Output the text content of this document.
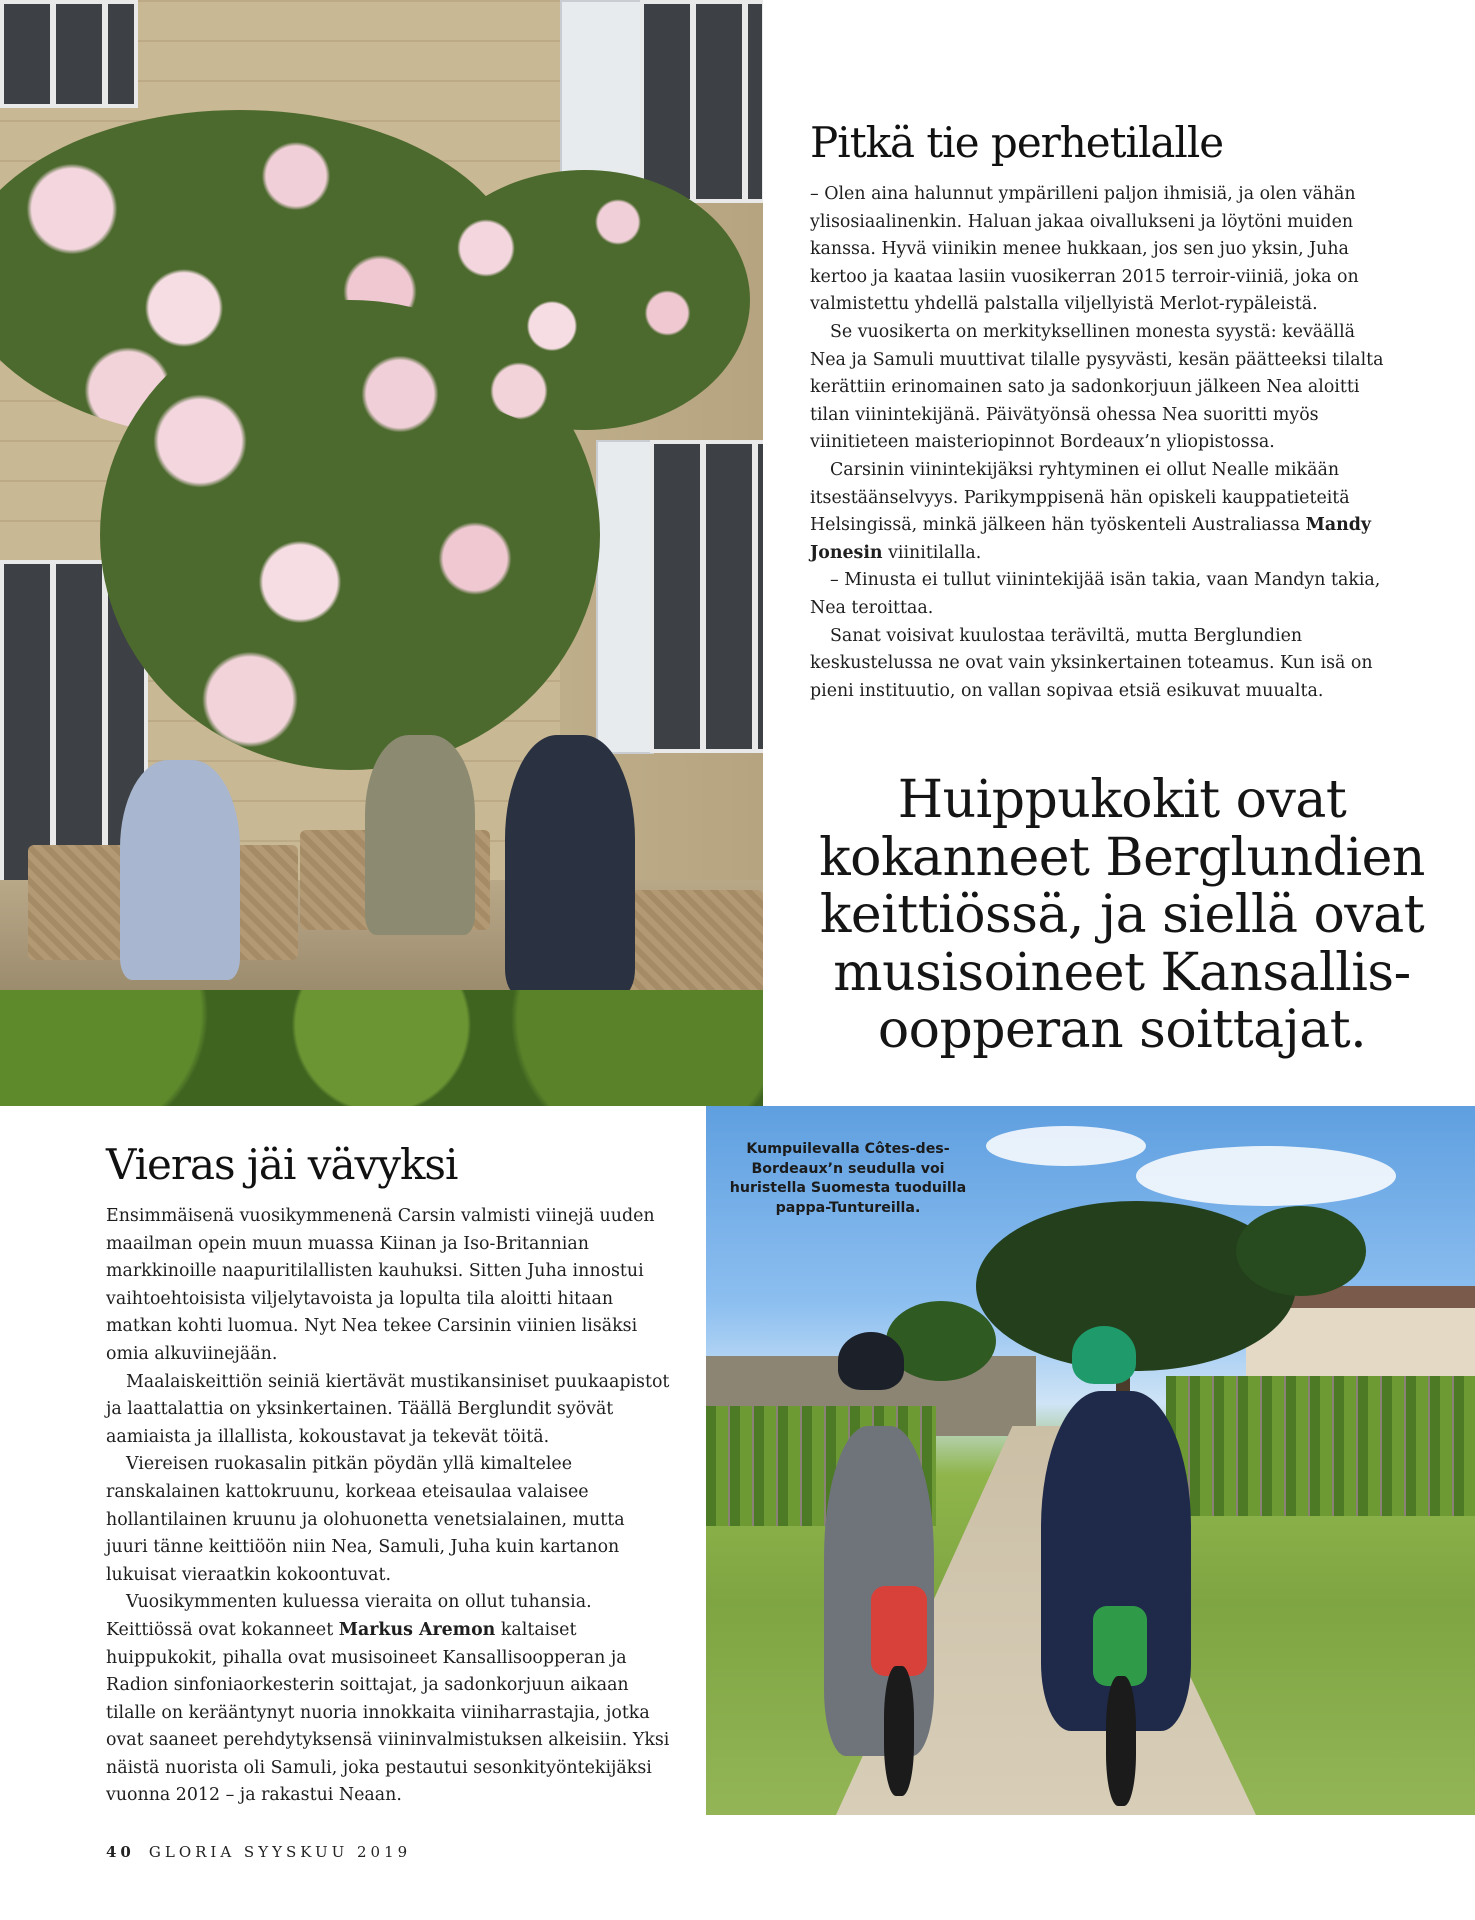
Pitkä tie perhetilalle

– Olen aina halunnut ympärilleni paljon ihmisiä, ja olen vähän ylisosiaalinenkin. Haluan jakaa oivallukseni ja löytöni muiden kanssa. Hyvä viinikin menee hukkaan, jos sen juo yksin, Juha kertoo ja kaataa lasiin vuosikerran 2015 terroir-viiniä, joka on valmistettu yhdellä palstalla viljellyistä Merlot-rypäleistä.

Se vuosikerta on merkityksellinen monesta syystä: keväällä Nea ja Samuli muuttivat tilalle pysyvästi, kesän päätteeksi tilalta kerättiin erinomainen sato ja sadonkorjuun jälkeen Nea aloitti tilan viinintekijänä. Päivätyönsä ohessa Nea suoritti myös viinitieteen maisteriopinnot Bordeaux’n yliopistossa.

Carsinin viinintekijäksi ryhtyminen ei ollut Nealle mikään itsestäänselvyys. Parikymppisenä hän opiskeli kauppatieteitä Helsingissä, minkä jälkeen hän työskenteli Australiassa Mandy Jonesin viinitilalla.

– Minusta ei tullut viinintekijää isän takia, vaan Mandyn takia, Nea teroittaa.

Sanat voisivat kuulostaa teräviltä, mutta Berglundien keskustelussa ne ovat vain yksinkertainen toteamus. Kun isä on pieni instituutio, on vallan sopivaa etsiä esikuvat muualta.

Huippukokit ovat kokanneet Berglundien keittiössä, ja siellä ovat musisoineet Kansallis-oopperan soittajat.
Vieras jäi vävyksi

Ensimmäisenä vuosikymmenenä Carsin valmisti viinejä uuden maailman opein muun muassa Kiinan ja Iso-Britannian markkinoille naapuritilallisten kauhuksi. Sitten Juha innostui vaihtoehtoisista viljelytavoista ja lopulta tila aloitti hitaan matkan kohti luomua. Nyt Nea tekee Carsinin viinien lisäksi omia alkuviinejään.

Maalaiskeittiön seiniä kiertävät mustikansiniset puukaapistot ja laattalattia on yksinkertainen. Täällä Berglundit syövät aamiaista ja illallista, kokoustavat ja tekevät töitä.

Viereisen ruokasalin pitkän pöydän yllä kimaltelee ranskalainen kattokruunu, korkeaa eteisaulaa valaisee hollantilainen kruunu ja olohuonetta venetsialainen, mutta juuri tänne keittiöön niin Nea, Samuli, Juha kuin kartanon lukuisat vieraatkin kokoontuvat.

Vuosikymmenten kuluessa vieraita on ollut tuhansia. Keittiössä ovat kokanneet Markus Aremon kaltaiset huippukokit, pihalla ovat musisoineet Kansallisoopperan ja Radion sinfoniaorkesterin soittajat, ja sadonkorjuun aikaan tilalle on kerääntynyt nuoria innokkaita viiniharrastajia, jotka ovat saaneet perehdytyksensä viininvalmistuksen alkeisiin. Yksi näistä nuorista oli Samuli, joka pestautui sesonkityöntekijäksi vuonna 2012 – ja rakastui Neaan.

Kumpuilevalla Côtes-des-Bordeaux’n seudulla voi huristella Suomesta tuoduilla pappa-Tuntureilla.
40 GLORIA SYYSKUU 2019
